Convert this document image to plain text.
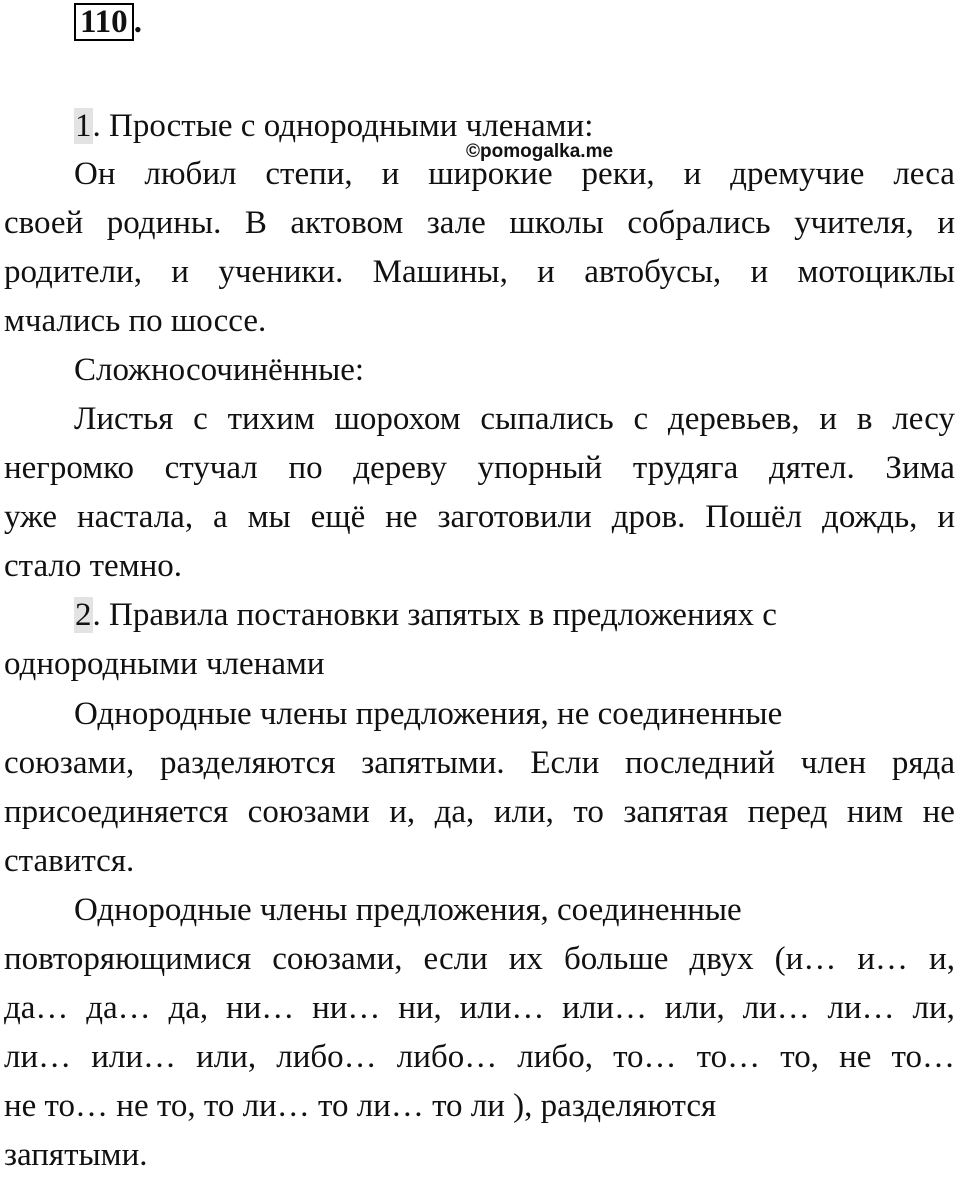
110 .
©pomogalka.me
1. Простые с однородными членами:
Он любил степи, и широкие реки, и дремучие леса
своей родины. В актовом зале школы собрались учителя, и
родители, и ученики. Машины, и автобусы, и мотоциклы
мчались по шоссе.
Сложносочинённые:
Листья с тихим шорохом сыпались с деревьев, и в лесу
негромко стучал по дереву упорный трудяга дятел. Зима
уже настала, а мы ещё не заготовили дров. Пошёл дождь, и
стало темно.
2. Правила постановки запятых в предложениях с
однородными членами
Однородные члены предложения, не соединенные
союзами, разделяются запятыми. Если последний член ряда
присоединяется союзами и, да, или, то запятая перед ним не
ставится.
Однородные члены предложения, соединенные
повторяющимися союзами, если их больше двух (и… и… и,
да… да… да, ни… ни… ни, или… или… или, ли… ли… ли,
ли… или… или, либо… либо… либо, то… то… то, не то…
не то… не то, то ли… то ли… то ли ), разделяются
запятыми.
